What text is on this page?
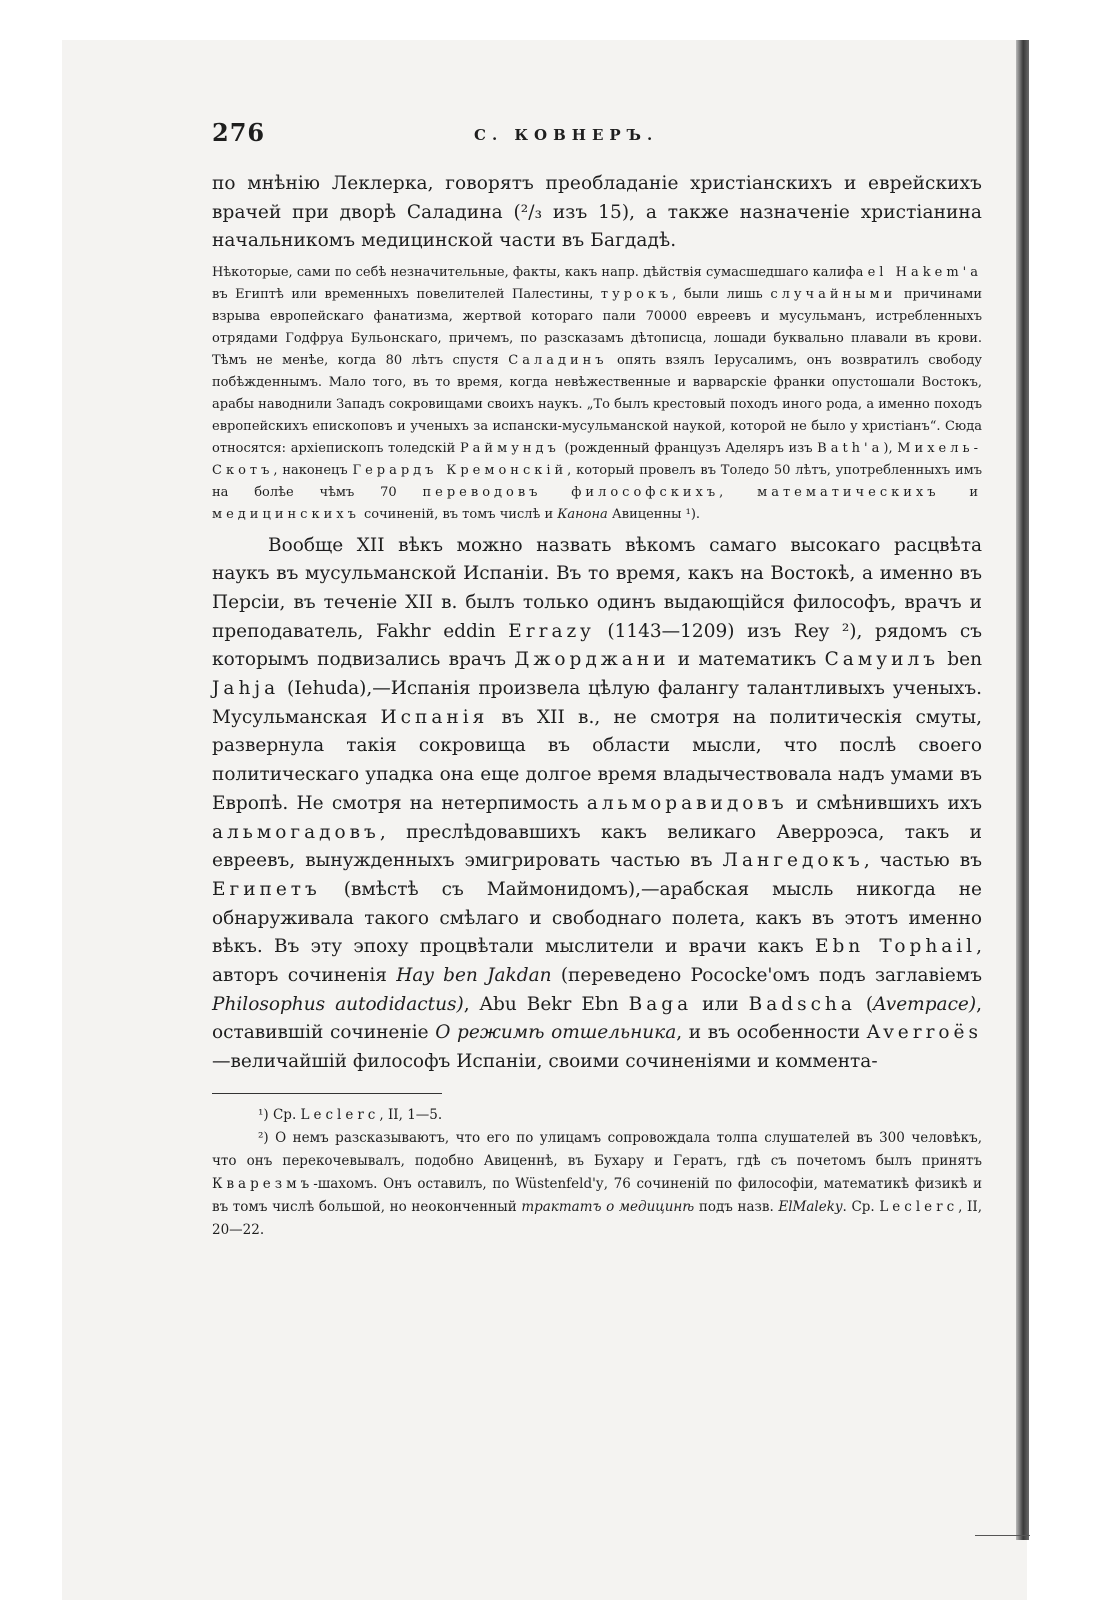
276	С. КОВНЕРЪ.

по мнѣнію Леклерка, говорятъ преобладаніе христіанскихъ и еврейскихъ врачей при дворѣ Саладина (²/₃ изъ 15), а также назначеніе христіанина начальникомъ медицинской части въ Багдадѣ.

Нѣкоторые, сами по себѣ незначительные, факты, какъ напр. дѣйствія сумасшедшаго калифа el Hakem'а въ Египтѣ или временныхъ повелителей Палестины, турокъ, были лишь случайными причинами взрыва европейскаго фанатизма, жертвой котораго пали 70000 евреевъ и мусульманъ, истребленныхъ отрядами Годфруа Бульонскаго, причемъ, по разсказамъ дѣтописца, лошади буквально плавали въ крови. Тѣмъ не менѣе, когда 80 лѣтъ спустя Саладинъ опять взялъ Іерусалимъ, онъ возвратилъ свободу побѣжденнымъ. Мало того, въ то время, когда невѣжественные и варварскіе франки опустошали Востокъ, арабы наводнили Западъ сокровищами своихъ наукъ. „То былъ крестовый походъ иного рода, а именно походъ европейскихъ епископовъ и ученыхъ за испански-мусульманской наукой, которой не было у христіанъ“. Сюда относятся: архіепископъ толедскій Раймундъ (рожденный французъ Аделяръ изъ Bath'а), Михель-Скотъ, наконецъ Герардъ Кремонскій, который провелъ въ Толедо 50 лѣтъ, употребленныхъ имъ на болѣе чѣмъ 70 переводовъ философскихъ, математическихъ и медицинскихъ сочиненій, въ томъ числѣ и Канона Авиценны ¹).

Вообще XII вѣкъ можно назвать вѣкомъ самаго высокаго расцвѣта наукъ въ мусульманской Испаніи. Въ то время, какъ на Востокѣ, а именно въ Персіи, въ теченіе XII в. былъ только одинъ выдающійся философъ, врачъ и преподаватель, Fakhr eddin Errazy (1143—1209) изъ Rey ²), рядомъ съ которымъ подвизались врачъ Джорджани и математикъ Самуилъ ben Jahja (Iehuda),—Испанія произвела цѣлую фалангу талантливыхъ ученыхъ. Мусульманская Испанія въ XII в., не смотря на политическія смуты, развернула такія сокровища въ области мысли, что послѣ своего политическаго упадка она еще долгое время владычествовала надъ умами въ Европѣ. Не смотря на нетерпимость альморавидовъ и смѣнившихъ ихъ альмогадовъ, преслѣдовавшихъ какъ великаго Аверроэса, такъ и евреевъ, вынужденныхъ эмигрировать частью въ Лангедокъ, частью въ Египетъ (вмѣстѣ съ Маймонидомъ),—арабская мысль никогда не обнаруживала такого смѣлаго и свободнаго полета, какъ въ этотъ именно вѣкъ. Въ эту эпоху процвѣтали мыслители и врачи какъ Ebn Tophail, авторъ сочиненія Hay ben Jakdan (переведено Pococke'омъ подъ заглавіемъ Philosophus autodidactus), Abu Bekr Ebn Baga или Badscha (Avempace), оставившій сочиненіе О режимѣ отшельника, и въ особенности Averroës—величайшій философъ Испаніи, своими сочиненіями и коммента-

¹) Ср. Leclerc, II, 1—5.

²) О немъ разсказываютъ, что его по улицамъ сопровождала толпа слушателей въ 300 человѣкъ, что онъ перекочевывалъ, подобно Авиценнѣ, въ Бухару и Гератъ, гдѣ съ почетомъ былъ принятъ Кварезмъ-шахомъ. Онъ оставилъ, по Wüstenfeld'у, 76 сочиненій по философіи, математикѣ физикѣ и въ томъ числѣ большой, но неоконченный трактатъ о медицинѣ подъ назв. ElMaleky. Ср. Leclerc, II, 20—22.
